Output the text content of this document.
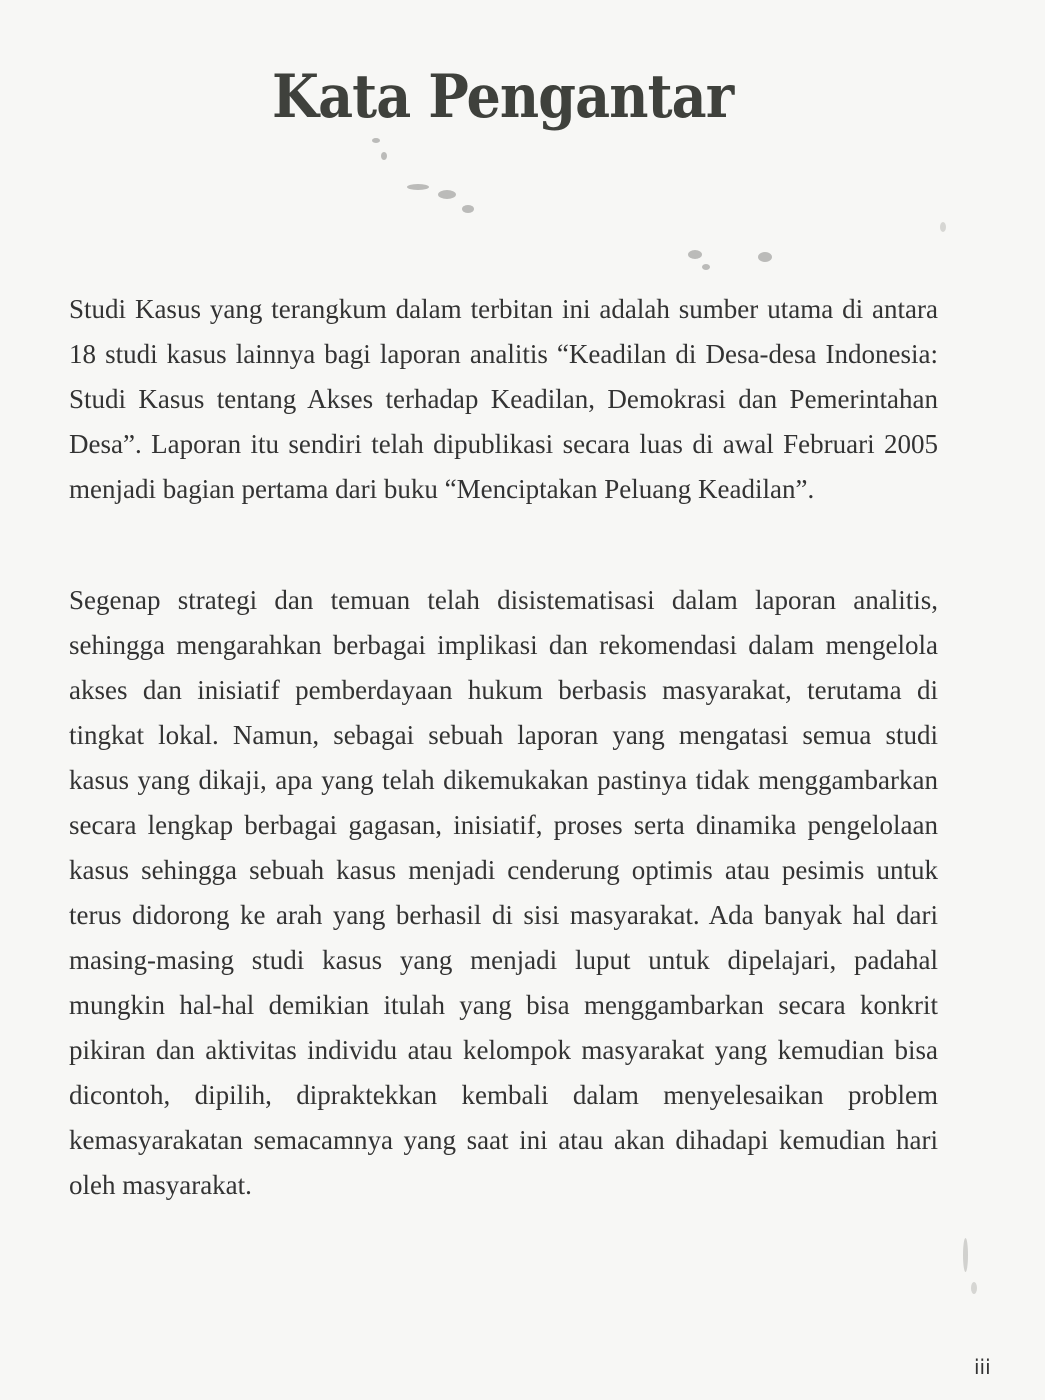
Kata Pengantar

Studi Kasus yang terangkum dalam terbitan ini adalah sumber utama di antara 18 studi kasus lainnya bagi laporan analitis “Keadilan di Desa-desa Indonesia: Studi Kasus tentang Akses terhadap Keadilan, Demokrasi dan Pemerintahan Desa”. Laporan itu sendiri telah dipublikasi secara luas di awal Februari 2005 menjadi bagian pertama dari buku “Menciptakan Peluang Keadilan”.

Segenap strategi dan temuan telah disistematisasi dalam laporan analitis, sehingga mengarahkan berbagai implikasi dan rekomendasi dalam mengelola akses dan inisiatif pemberdayaan hukum berbasis masyarakat, terutama di tingkat lokal. Namun, sebagai sebuah laporan yang mengatasi semua studi kasus yang dikaji, apa yang telah dikemukakan pastinya tidak menggambarkan secara lengkap berbagai gagasan, inisiatif, proses serta dinamika pengelolaan kasus sehingga sebuah kasus menjadi cenderung optimis atau pesimis untuk terus didorong ke arah yang berhasil di sisi masyarakat. Ada banyak hal dari masing-masing studi kasus yang menjadi luput untuk dipelajari, padahal mungkin hal-hal demikian itulah yang bisa menggambarkan secara konkrit pikiran dan aktivitas individu atau kelompok masyarakat yang kemudian bisa dicontoh, dipilih, dipraktekkan kembali dalam menyelesaikan problem kemasyarakatan semacamnya yang saat ini atau akan dihadapi kemudian hari oleh masyarakat.

iii
